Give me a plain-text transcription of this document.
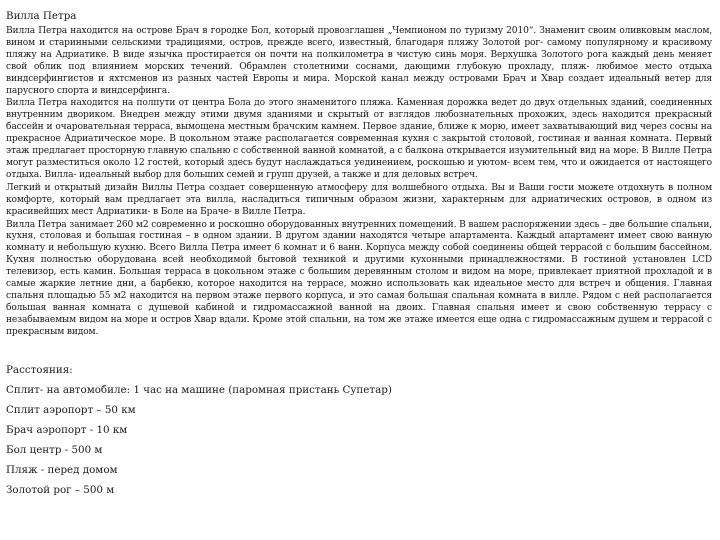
Вилла Петра

Вилла Петра находится на острове Брач в городке Бол, который провозглашен „Чемпионом по туризму 2010“. Знаменит своим оливковым маслом, вином и старинными сельскими традициями, остров, прежде всего, известный, благодаря пляжу Золотой рог- самому популярному и красивому пляжу на Адриатике. В виде язычка простирается он почти на полкилометра в чистую синь моря. Верхушка Золотого рога каждый день меняет свой облик под влиянием морских течений. Обрамлен столетними соснами, дающими глубокую прохладу, пляж- любимое место отдыха виндсерфингистов и яхтсменов из разных частей Европы и мира. Морской канал между островами Брач и Хвар создает идеальный ветер для парусного спорта и виндсерфинга.

Вилла Петра находится на полпути от центра Бола до этого знаменитого пляжа. Каменная дорожка ведет до двух отдельных зданий, соединенных внутренним двориком. Внедрен между этими двумя зданиями и скрытый от взглядов любознательных прохожих, здесь находится прекрасный бассейн и очаровательная терраса, вымощена местным брачским камнем. Первое здание, ближе к морю, имеет захватывающий вид через сосны на прекрасное Адриатическое море. В цокольном этаже располагается современная кухня с закрытой столовой, гостиная и ванная комната. Первый этаж предлагает просторную главную спальню с собственной ванной комнатой, а с балкона открывается изумительный вид на море. В Вилле Петра могут разместиться около 12 гостей, который здесь будут наслаждаться уединением, роскошью и уютом- всем тем, что и ожидается от настоящего отдыха. Вилла- идеальный выбор для больших семей и групп друзей, а также и для деловых встреч.

Легкий и открытый дизайн Виллы Петра создает совершенную атмосферу для волшебного отдыха. Вы и Ваши гости можете отдохнуть в полном комфорте, который вам предлагает эта вилла, насладиться типичным образом жизни, характерным для адриатических островов, в одном из красивейших мест Адриатики- в Боле на Браче- в Вилле Петра.

Вилла Петра занимает 260 м2 современно и роскошно оборудованных внутренних помещений. В вашем распоряжении здесь – две большие спальни, кухня, столовая и большая гостиная – в одном здании. В другом здании находятся четыре апартамента. Каждый апартамент имеет свою ванную комнату и небольшую кухню. Всего Вилла Петра имеет 6 комнат и 6 ванн. Корпуса между собой соединены общей террасой с большим бассейном. Кухня полностью оборудована всей необходимой бытовой техникой и другими кухонными принадлежностями. В гостиной установлен LCD телевизор, есть камин. Большая терраса в цокольном этаже с большим деревянным столом и видом на море, привлекает приятной прохладой и в самые жаркие летние дни, а барбекю, которое находится на террасе, можно использовать как идеальное место для встреч и общения. Главная спальня площадью 55 м2 находится на первом этаже первого корпуса, и это самая большая спальная комната в вилле. Рядом с ней располагается большая ванная комната с душевой кабиной и гидромассажной ванной на двоих. Главная спальня имеет и свою собственную террасу с незабываемым видом на море и остров Хвар вдали. Кроме этой спальни, на том же этаже имеется еще одна с гидромассажным душем и террасой с прекрасным видом.

Расстояния:

Сплит- на автомобиле: 1 час на машине (паромная пристань Супетар)

Сплит аэропорт – 50 км

Брач аэропорт - 10 км

Бол центр - 500 м

Пляж - перед домом

Золотой рог – 500 м
